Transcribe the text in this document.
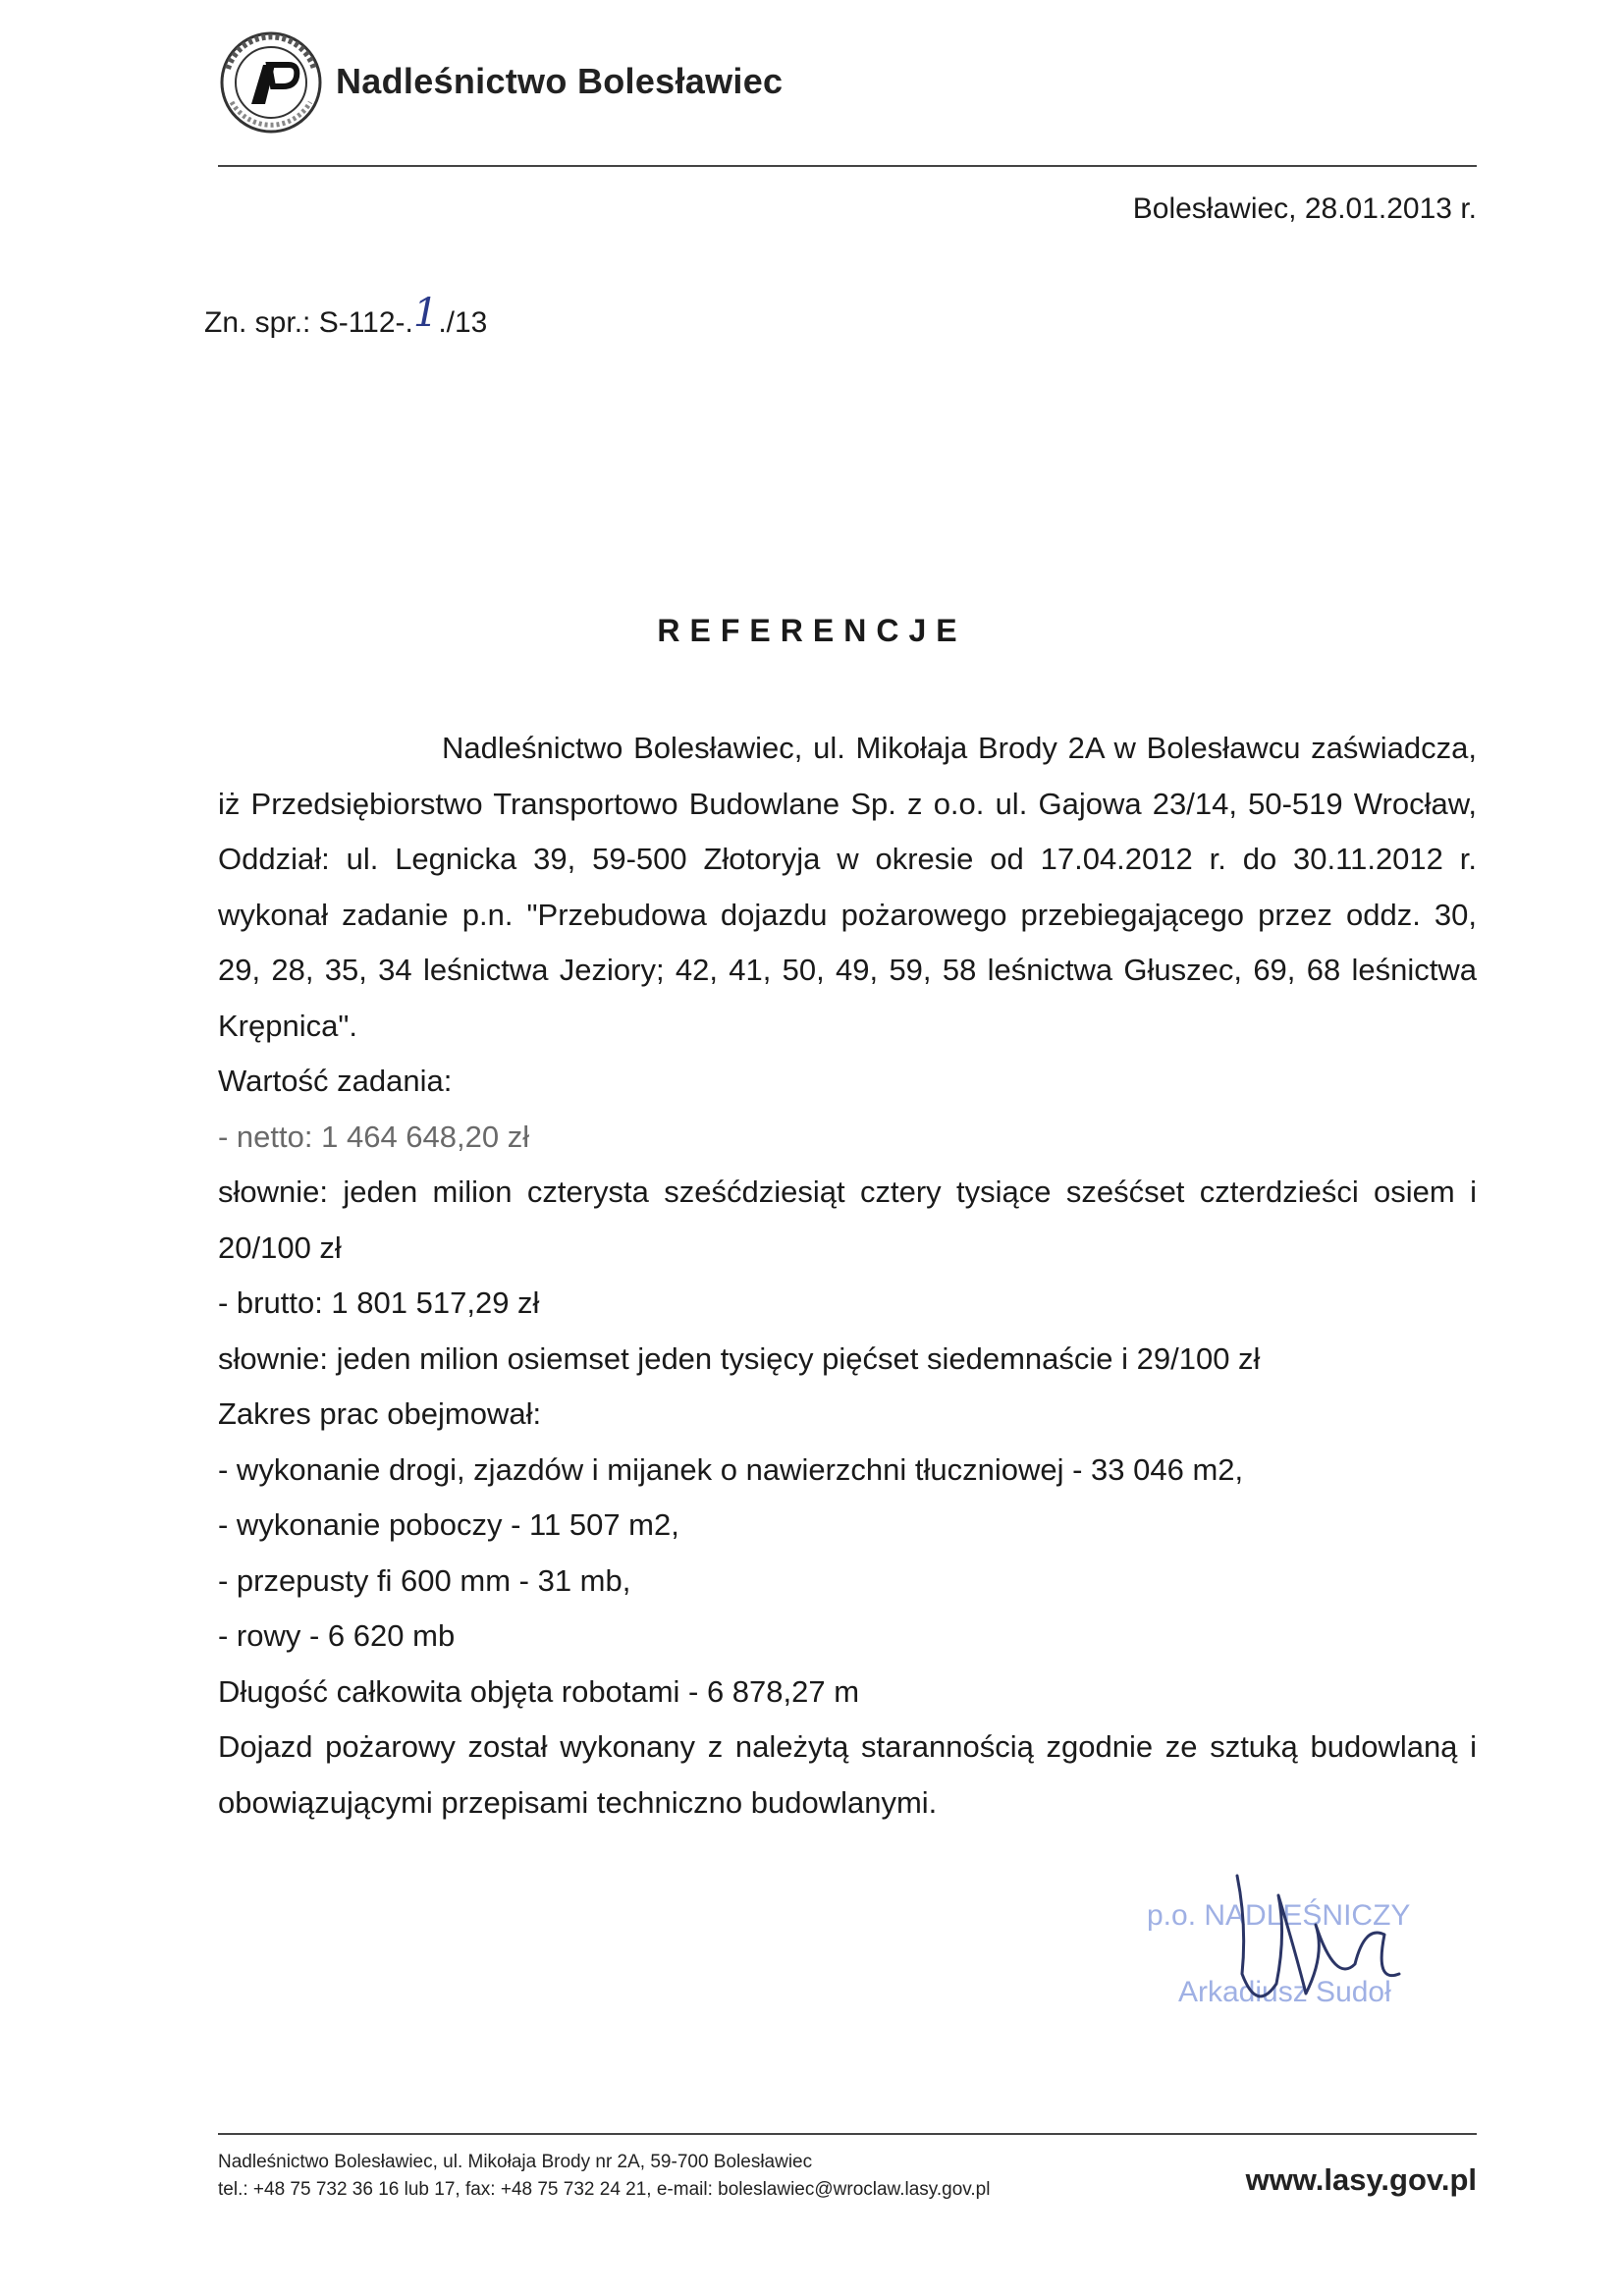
Nadleśnictwo Bolesławiec
Bolesławiec, 28.01.2013 r.
Zn. spr.: S-112-.1./13
REFERENCJE

Nadleśnictwo Bolesławiec, ul. Mikołaja Brody 2A w Bolesławcu zaświadcza, iż Przedsiębiorstwo Transportowo Budowlane Sp. z o.o. ul. Gajowa 23/14, 50-519 Wrocław, Oddział: ul. Legnicka 39, 59-500 Złotoryja w okresie od 17.04.2012 r. do 30.11.2012 r. wykonał zadanie p.n. "Przebudowa dojazdu pożarowego przebiegającego przez oddz. 30, 29, 28, 35, 34 leśnictwa Jeziory; 42, 41, 50, 49, 59, 58 leśnictwa Głuszec, 69, 68 leśnictwa Krępnica".

Wartość zadania:

- netto: 1 464 648,20 zł

słownie: jeden milion czterysta sześćdziesiąt cztery tysiące sześćset czterdzieści osiem i 20/100 zł

- brutto: 1 801 517,29 zł

słownie: jeden milion osiemset jeden tysięcy pięćset siedemnaście i 29/100 zł

Zakres prac obejmował:

- wykonanie drogi, zjazdów i mijanek o nawierzchni tłuczniowej - 33 046 m2,

- wykonanie poboczy - 11 507 m2,

- przepusty fi 600 mm - 31 mb,

- rowy - 6 620 mb

Długość całkowita objęta robotami - 6 878,27 m

Dojazd pożarowy został wykonany z należytą starannością zgodnie ze sztuką budowlaną i obowiązującymi przepisami techniczno budowlanymi.

p.o. NADLEŚNICZY
Arkadiusz Sudoł
Nadleśnictwo Bolesławiec, ul. Mikołaja Brody nr 2A, 59-700 Bolesławiec
tel.: +48 75 732 36 16 lub 17, fax: +48 75 732 24 21, e-mail: boleslawiec@wroclaw.lasy.gov.pl	www.lasy.gov.pl
